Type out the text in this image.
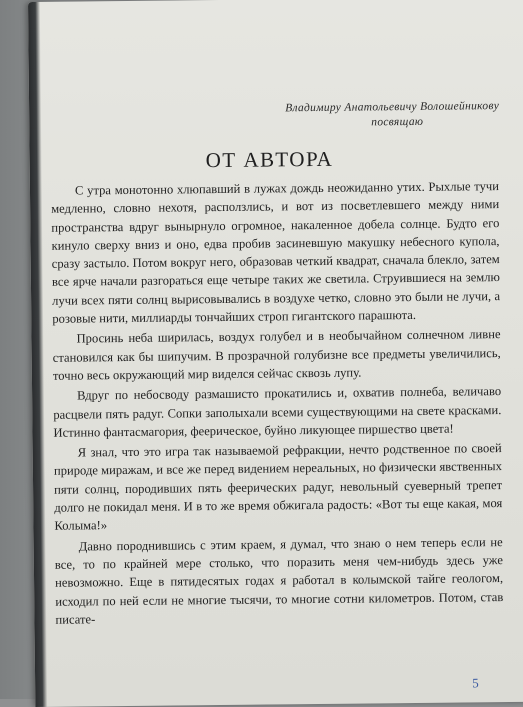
Владимиру Анатольевичу Волошейникову

посвящаю
ОТ АВТОРА

С утра монотонно хлюпавший в лужах дождь неожиданно утих. Рыхлые тучи медленно, словно нехотя, расползлись, и вот из посветлевшего между ними пространства вдруг вынырнуло огромное, накаленное добела солнце. Будто его кинуло сверху вниз и оно, едва пробив засиневшую макушку небесного купола, сразу застыло. Потом вокруг него, образовав четкий квадрат, сначала блекло, затем все ярче начали разгораться еще четыре таких же светила. Струившиеся на землю лучи всех пяти солнц вырисовывались в воздухе четко, словно это были не лучи, а розовые нити, миллиарды тончайших строп гигантского парашюта.

Просинь неба ширилась, воздух голубел и в необычайном солнечном ливне становился как бы шипучим. В прозрачной голубизне все предметы увеличились, точно весь окружающий мир виделся сейчас сквозь лупу.

Вдруг по небосводу размашисто прокатились и, охватив полнеба, величаво расцвели пять радуг. Сопки заполыхали всеми существующими на свете красками. Истинно фантасмагория, феерическое, буйно ликующее пиршество цвета!

Я знал, что это игра так называемой рефракции, нечто родственное по своей природе миражам, и все же перед видением нереальных, но физически явственных пяти солнц, породивших пять феерических радуг, невольный суеверный трепет долго не покидал меня. И в то же время обжигала радость: «Вот ты еще какая, моя Колыма!»

Давно породнившись с этим краем, я думал, что знаю о нем теперь если не все, то по крайней мере столько, что поразить меня чем-нибудь здесь уже невозможно. Еще в пятидесятых годах я работал в колымской тайге геологом, исходил по ней если не многие тысячи, то многие сотни километров. Потом, став писате-

5
